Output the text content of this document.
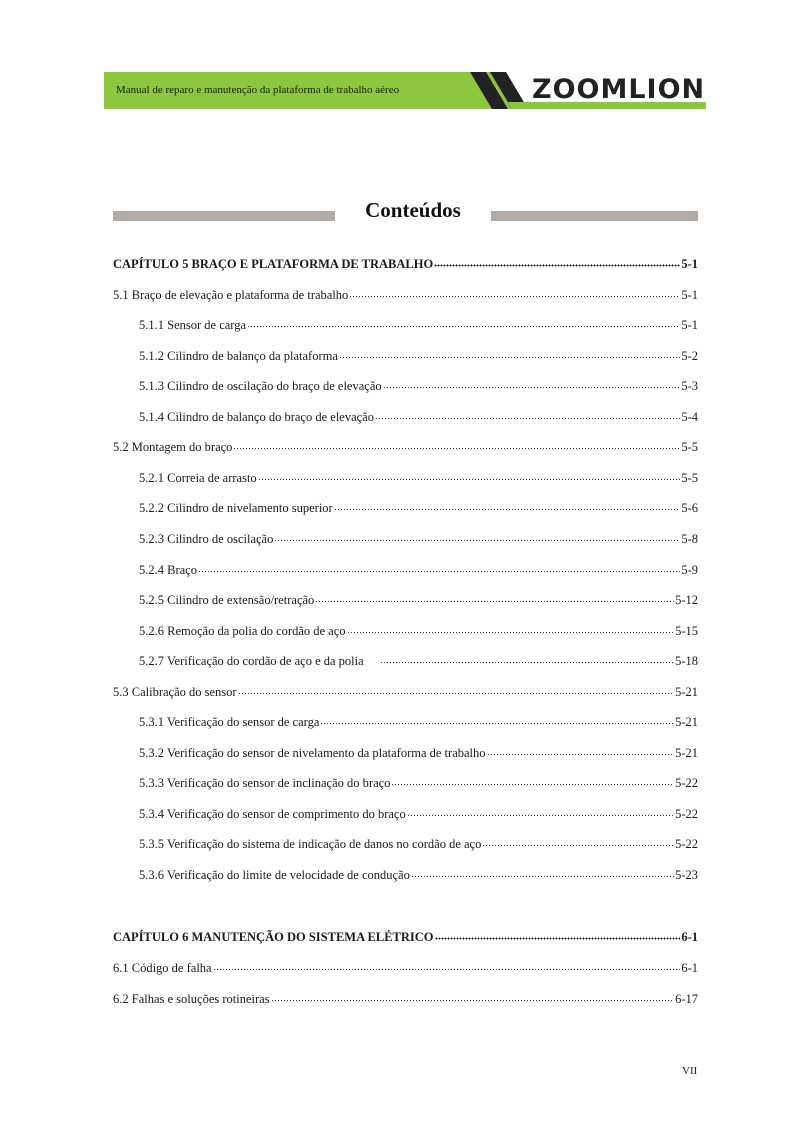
Manual de reparo e manutenção da plataforma de trabalho aéreo	ZOOMLION
Conteúdos
CAPÍTULO 5 BRAÇO E PLATAFORMA DE TRABALHO	5-1
5.1 Braço de elevação e plataforma de trabalho	5-1
5.1.1 Sensor de carga	5-1
5.1.2 Cilindro de balanço da plataforma	5-2
5.1.3 Cilindro de oscilação do braço de elevação	5-3
5.1.4 Cilindro de balanço do braço de elevação	5-4
5.2 Montagem do braço	5-5
5.2.1 Correia de arrasto	5-5
5.2.2 Cilindro de nivelamento superior	5-6
5.2.3 Cilindro de oscilação	5-8
5.2.4 Braço	5-9
5.2.5 Cilindro de extensão/retração	5-12
5.2.6 Remoção da polia do cordão de aço	5-15
5.2.7 Verificação do cordão de aço e da polia	5-18
5.3 Calibração do sensor	5-21
5.3.1 Verificação do sensor de carga	5-21
5.3.2 Verificação do sensor de nivelamento da plataforma de trabalho	5-21
5.3.3 Verificação do sensor de inclinação do braço	5-22
5.3.4 Verificação do sensor de comprimento do braço	5-22
5.3.5 Verificação do sistema de indicação de danos no cordão de aço	5-22
5.3.6 Verificação do limite de velocidade de condução	5-23
CAPÍTULO 6 MANUTENÇÃO DO SISTEMA ELÉTRICO	6-1
6.1 Código de falha	6-1
6.2 Falhas e soluções rotineiras	6-17
VII
